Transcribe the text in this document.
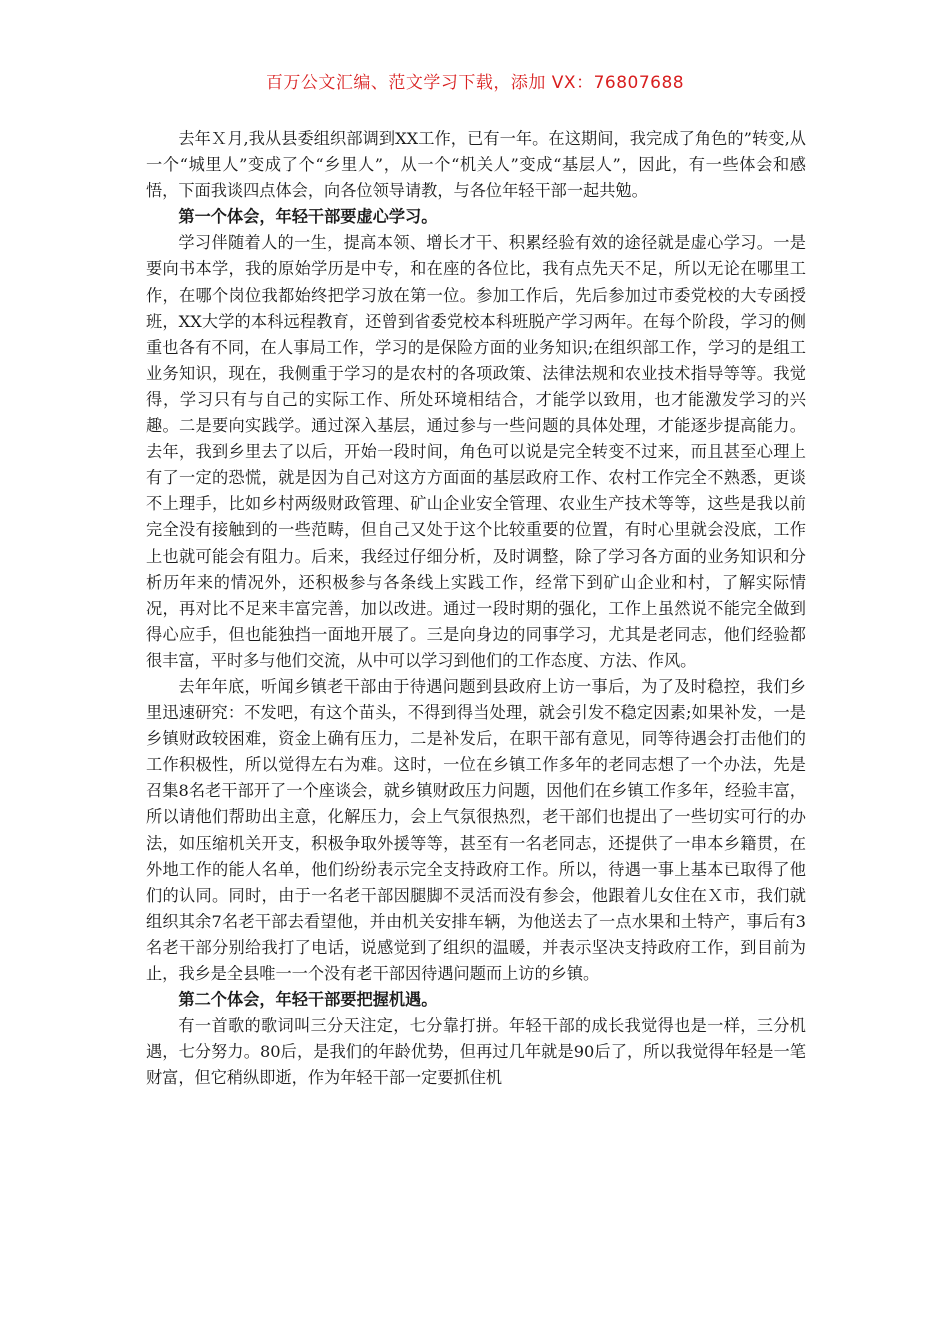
百万公文汇编、范文学习下载，添加 VX：76807688

去年Ｘ月,我从县委组织部调到XX工作，已有一年。在这期间，我完成了角色的”转变,从一个“城里人”变成了个“乡里人”，从一个“机关人”变成“基层人”，因此，有一些体会和感悟，下面我谈四点体会，向各位领导请教，与各位年轻干部一起共勉。

第一个体会，年轻干部要虚心学习。

学习伴随着人的一生，提高本领、增长才干、积累经验有效的途径就是虚心学习。一是要向书本学，我的原始学历是中专，和在座的各位比，我有点先天不足，所以无论在哪里工作，在哪个岗位我都始终把学习放在第一位。参加工作后，先后参加过市委党校的大专函授班，XX大学的本科远程教育，还曾到省委党校本科班脱产学习两年。在每个阶段，学习的侧重也各有不同，在人事局工作，学习的是保险方面的业务知识;在组织部工作，学习的是组工业务知识，现在，我侧重于学习的是农村的各项政策、法律法规和农业技术指导等等。我觉得，学习只有与自己的实际工作、所处环境相结合，才能学以致用，也才能激发学习的兴趣。二是要向实践学。通过深入基层，通过参与一些问题的具体处理，才能逐步提高能力。去年，我到乡里去了以后，开始一段时间，角色可以说是完全转变不过来，而且甚至心理上有了一定的恐慌，就是因为自己对这方方面面的基层政府工作、农村工作完全不熟悉，更谈不上理手，比如乡村两级财政管理、矿山企业安全管理、农业生产技术等等，这些是我以前完全没有接触到的一些范畴，但自己又处于这个比较重要的位置，有时心里就会没底，工作上也就可能会有阻力。后来，我经过仔细分析，及时调整，除了学习各方面的业务知识和分析历年来的情况外，还积极参与各条线上实践工作，经常下到矿山企业和村，了解实际情况，再对比不足来丰富完善，加以改进。通过一段时期的强化，工作上虽然说不能完全做到得心应手，但也能独挡一面地开展了。三是向身边的同事学习，尤其是老同志，他们经验都很丰富，平时多与他们交流，从中可以学习到他们的工作态度、方法、作风。

去年年底，听闻乡镇老干部由于待遇问题到县政府上访一事后，为了及时稳控，我们乡里迅速研究：不发吧，有这个苗头，不得到得当处理，就会引发不稳定因素;如果补发，一是乡镇财政较困难，资金上确有压力，二是补发后，在职干部有意见，同等待遇会打击他们的工作积极性，所以觉得左右为难。这时，一位在乡镇工作多年的老同志想了一个办法，先是召集8名老干部开了一个座谈会，就乡镇财政压力问题，因他们在乡镇工作多年，经验丰富，所以请他们帮助出主意，化解压力，会上气氛很热烈，老干部们也提出了一些切实可行的办法，如压缩机关开支，积极争取外援等等，甚至有一名老同志，还提供了一串本乡籍贯，在外地工作的能人名单，他们纷纷表示完全支持政府工作。所以，待遇一事上基本已取得了他们的认同。同时，由于一名老干部因腿脚不灵活而没有参会，他跟着儿女住在Ｘ市，我们就组织其余7名老干部去看望他，并由机关安排车辆，为他送去了一点水果和土特产，事后有3名老干部分别给我打了电话，说感觉到了组织的温暖，并表示坚决支持政府工作，到目前为止，我乡是全县唯一一个没有老干部因待遇问题而上访的乡镇。

第二个体会，年轻干部要把握机遇。

有一首歌的歌词叫三分天注定，七分靠打拼。年轻干部的成长我觉得也是一样，三分机遇，七分努力。80后，是我们的年龄优势，但再过几年就是90后了，所以我觉得年轻是一笔财富，但它稍纵即逝，作为年轻干部一定要抓住机
